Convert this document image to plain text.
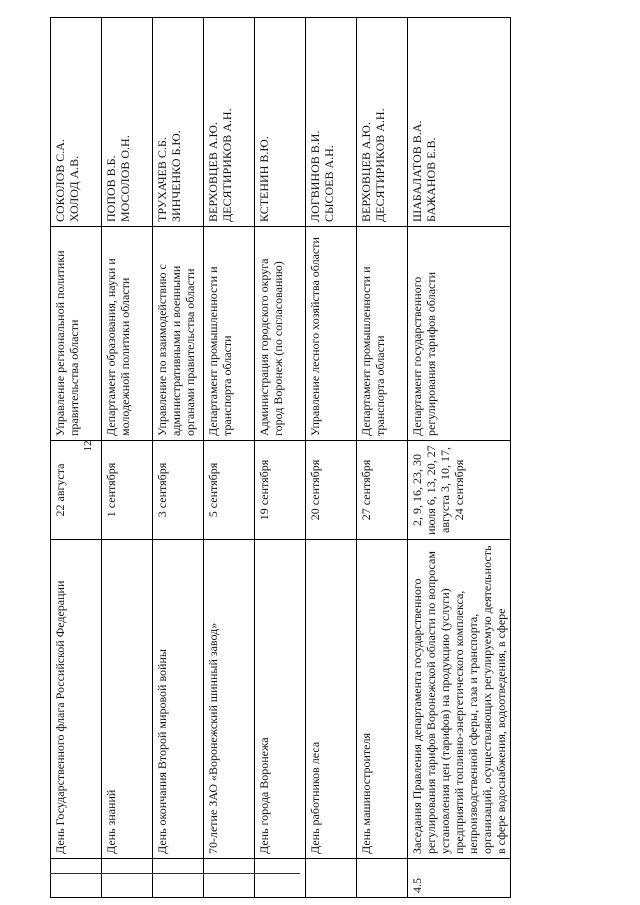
12
	День Государственного флага Российской Федерации	22 августа	Управление региональной политики правительства области	СОКОЛОВ С.А. ХОЛОД А.В.

	День знаний	1 сентября	Департамент образования, науки и молодежной политики области	ПОПОВ В.Б. МОСОЛОВ О.Н.

	День окончания Второй мировой войны	3 сентября	Управление по взаимодействию с административными и военными органами правительства области	ТРУХАЧЕВ С.Б. ЗИНЧЕНКО Б.Ю.

	70-летие ЗАО «Воронежский шинный завод»	5 сентября	Департамент промышленности и транспорта области	ВЕРХОВЦЕВ А.Ю. ДЕСЯТИРИКОВ А.Н.

	День города Воронежа	19 сентября	Администрация городского округа город Воронеж (по согласованию)	КСТЕНИН В.Ю.

	День работников леса	20 сентября	Управление лесного хозяйства области	ЛОГВИНОВ В.И. СЫСОЕВ А.Н.

	День машиностроителя	27 сентября	Департамент промышленности и транспорта области	ВЕРХОВЦЕВ А.Ю. ДЕСЯТИРИКОВ А.Н.

4.5	Заседания Правления департамента государственного регулирования тарифов Воронежской области по вопросам установления цен (тарифов) на продукцию (услуги) предприятий топливно-энергетического комплекса, непроизводственной сферы, газа и транспорта, организаций, осуществляющих регулируемую деятельность в сфере водоснабжения, водоотведения, в сфере	2, 9, 16, 23, 30 июля 6, 13, 20, 27 августа 3, 10, 17, 24 сентября	Департамент государственного регулирования тарифов области	ШАБАЛАТОВ В.А. БАЖАНОВ Е.В.
